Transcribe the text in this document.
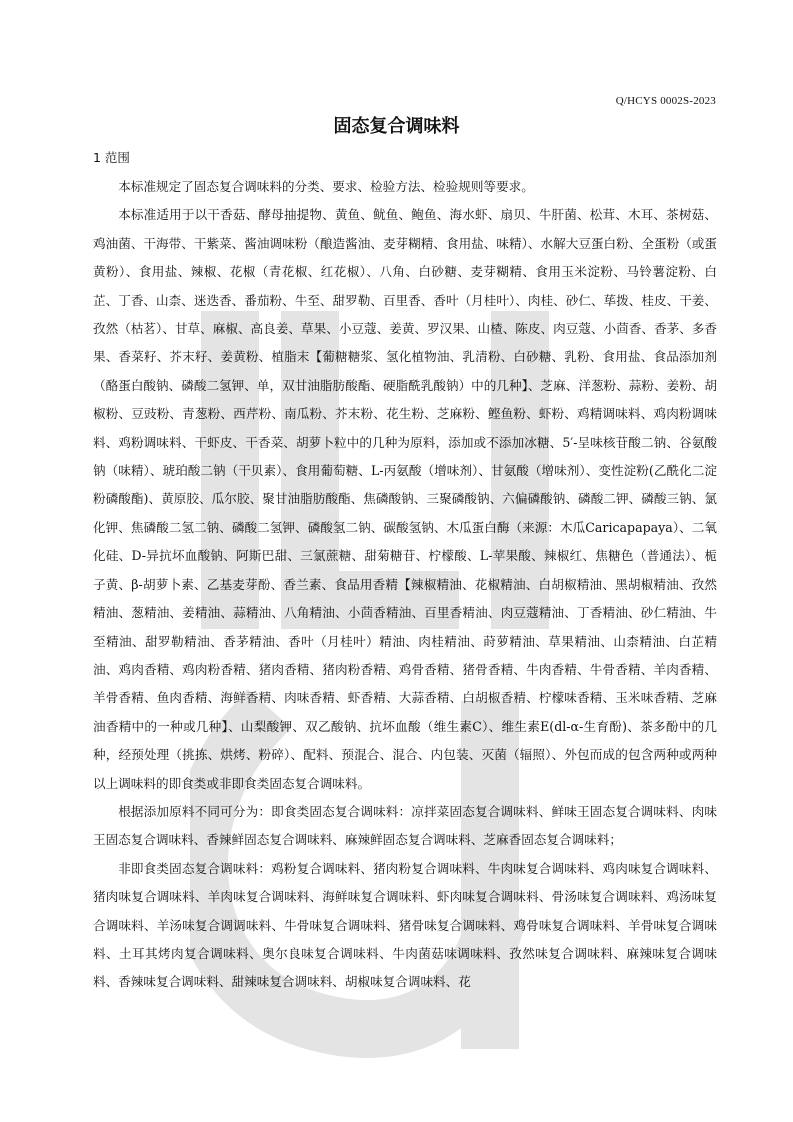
Q/HCYS 0002S-2023
固态复合调味料
1 范围

本标准规定了固态复合调味料的分类、要求、检验方法、检验规则等要求。

本标准适用于以干香菇、酵母抽提物、黄鱼、鱿鱼、鲍鱼、海水虾、扇贝、牛肝菌、松茸、木耳、茶树菇、鸡油菌、干海带、干紫菜、酱油调味粉（酿造酱油、麦芽糊精、食用盐、味精）、水解大豆蛋白粉、全蛋粉（或蛋黄粉）、食用盐、辣椒、花椒（青花椒、红花椒）、八角、白砂糖、麦芽糊精、食用玉米淀粉、马铃薯淀粉、白芷、丁香、山柰、迷迭香、番茄粉、牛至、甜罗勒、百里香、香叶（月桂叶）、肉桂、砂仁、荜拨、桂皮、干姜、孜然（枯茗）、甘草、麻椒、高良姜、草果、小豆蔻、姜黄、罗汉果、山楂、陈皮、肉豆蔻、小茴香、香茅、多香果、香菜籽、芥末籽、姜黄粉、植脂末【葡糖糖浆、氢化植物油、乳清粉、白砂糖、乳粉、食用盐、食品添加剂（酪蛋白酸钠、磷酸二氢钾、单，双甘油脂肪酸酯、硬脂酰乳酸钠）中的几种】、芝麻、洋葱粉、蒜粉、姜粉、胡椒粉、豆豉粉、青葱粉、西芹粉、南瓜粉、芥末粉、花生粉、芝麻粉、鲣鱼粉、虾粉、鸡精调味料、鸡肉粉调味料、鸡粉调味料、干虾皮、干香菜、胡萝卜粒中的几种为原料，添加或不添加冰糖、5′-呈味核苷酸二钠、谷氨酸钠（味精）、琥珀酸二钠（干贝素）、食用葡萄糖、L-丙氨酸（增味剂）、甘氨酸（增味剂）、变性淀粉(乙酰化二淀粉磷酸酯)、黄原胶、瓜尔胶、聚甘油脂肪酸酯、焦磷酸钠、三聚磷酸钠、六偏磷酸钠、磷酸二钾、磷酸三钠、氯化钾、焦磷酸二氢二钠、磷酸二氢钾、磷酸氢二钠、碳酸氢钠、木瓜蛋白酶（来源：木瓜Caricapapaya）、二氧化硅、D-异抗坏血酸钠、阿斯巴甜、三氯蔗糖、甜菊糖苷、柠檬酸、L-苹果酸、辣椒红、焦糖色（普通法）、栀子黄、β-胡萝卜素、乙基麦芽酚、香兰素、食品用香精【辣椒精油、花椒精油、白胡椒精油、黑胡椒精油、孜然精油、葱精油、姜精油、蒜精油、八角精油、小茴香精油、百里香精油、肉豆蔻精油、丁香精油、砂仁精油、牛至精油、甜罗勒精油、香茅精油、香叶（月桂叶）精油、肉桂精油、莳萝精油、草果精油、山柰精油、白芷精油、鸡肉香精、鸡肉粉香精、猪肉香精、猪肉粉香精、鸡骨香精、猪骨香精、牛肉香精、牛骨香精、羊肉香精、羊骨香精、鱼肉香精、海鲜香精、肉味香精、虾香精、大蒜香精、白胡椒香精、柠檬味香精、玉米味香精、芝麻油香精中的一种或几种】、山梨酸钾、双乙酸钠、抗坏血酸（维生素C）、维生素E(dl-α-生育酚)、茶多酚中的几种，经预处理（挑拣、烘烤、粉碎）、配料、预混合、混合、内包装、灭菌（辐照）、外包而成的包含两种或两种以上调味料的即食类或非即食类固态复合调味料。

根据添加原料不同可分为：即食类固态复合调味料：凉拌菜固态复合调味料、鲜味王固态复合调味料、肉味王固态复合调味料、香辣鲜固态复合调味料、麻辣鲜固态复合调味料、芝麻香固态复合调味料；

非即食类固态复合调味料：鸡粉复合调味料、猪肉粉复合调味料、牛肉味复合调味料、鸡肉味复合调味料、猪肉味复合调味料、羊肉味复合调味料、海鲜味复合调味料、虾肉味复合调味料、骨汤味复合调味料、鸡汤味复合调味料、羊汤味复合调调味料、牛骨味复合调味料、猪骨味复合调味料、鸡骨味复合调味料、羊骨味复合调味料、土耳其烤肉复合调味料、奥尔良味复合调味料、牛肉菌菇味调味料、孜然味复合调味料、麻辣味复合调味料、香辣味复合调味料、甜辣味复合调味料、胡椒味复合调味料、花
